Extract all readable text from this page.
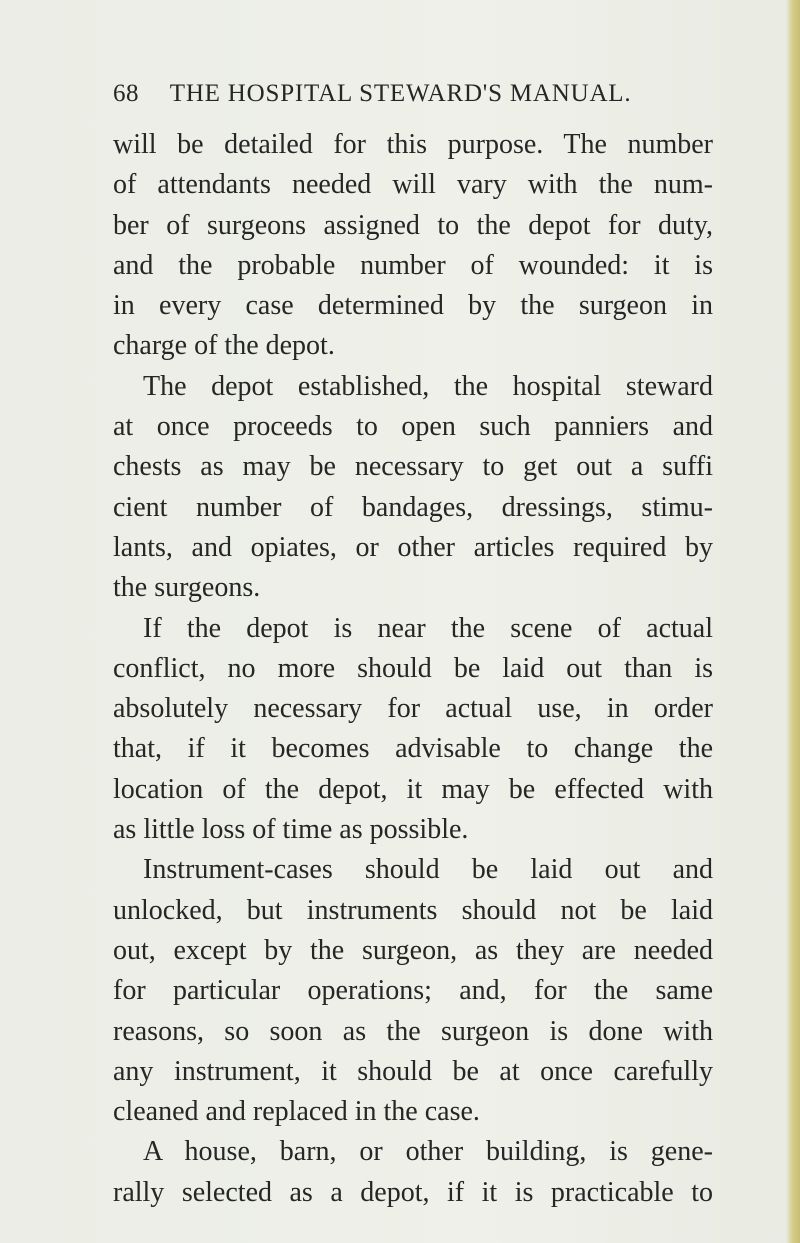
68 THE HOSPITAL STEWARD'S MANUAL.
will be detailed for this purpose. The number
of attendants needed will vary with the num-
ber of surgeons assigned to the depot for duty,
and the probable number of wounded: it is
in every case determined by the surgeon in
charge of the depot.
The depot established, the hospital steward
at once proceeds to open such panniers and
chests as may be necessary to get out a suffi
cient number of bandages, dressings, stimu-
lants, and opiates, or other articles required by
the surgeons.
If the depot is near the scene of actual
conflict, no more should be laid out than is
absolutely necessary for actual use, in order
that, if it becomes advisable to change the
location of the depot, it may be effected with
as little loss of time as possible.
Instrument-cases should be laid out and
unlocked, but instruments should not be laid
out, except by the surgeon, as they are needed
for particular operations; and, for the same
reasons, so soon as the surgeon is done with
any instrument, it should be at once carefully
cleaned and replaced in the case.
A house, barn, or other building, is gene-
rally selected as a depot, if it is practicable to
